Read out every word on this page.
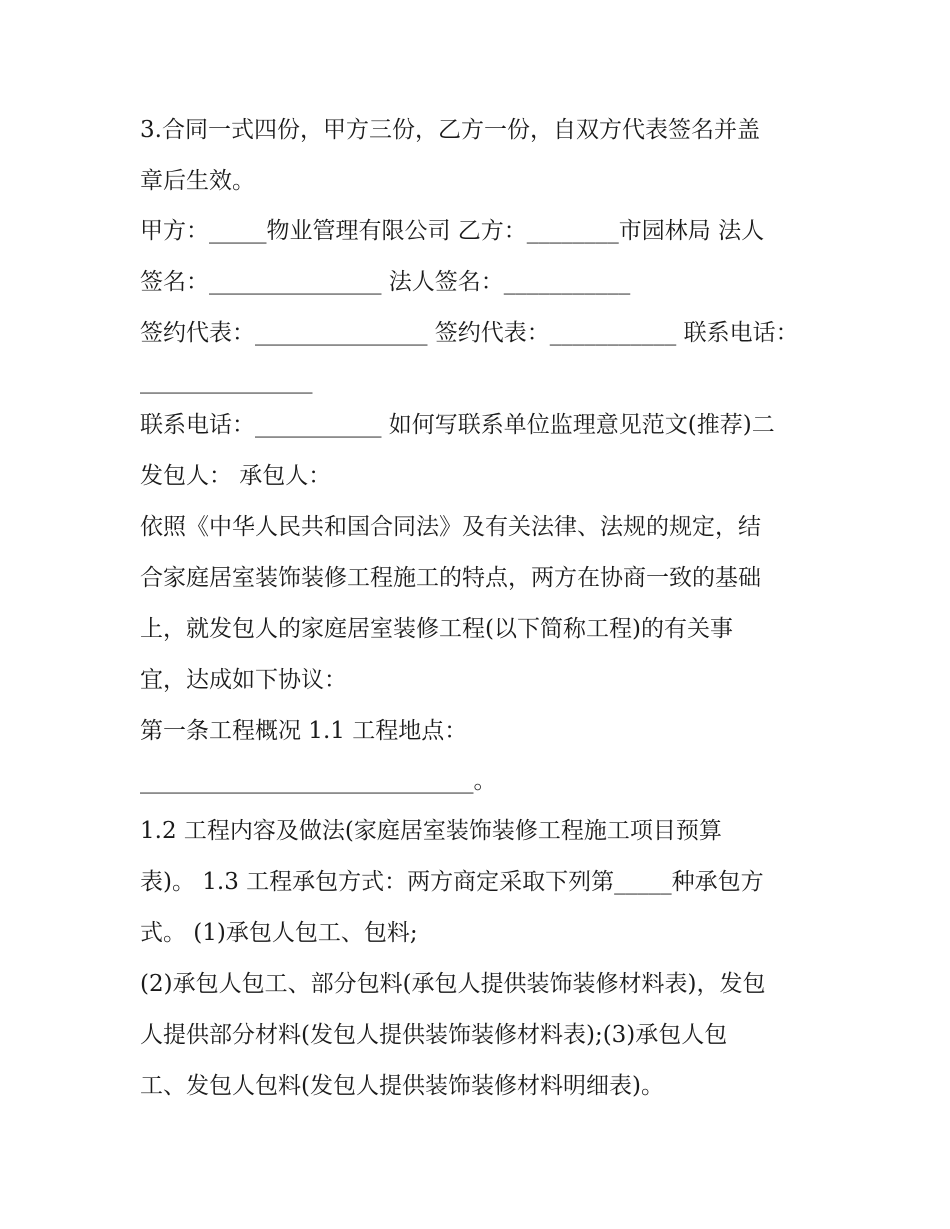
3.合同一式四份，甲方三份，乙方一份，自双方代表签名并盖
章后生效。
甲方：_____物业管理有限公司 乙方：________市园林局 法人
签名：_______________ 法人签名：___________
签约代表：_______________ 签约代表：___________ 联系电话：
_______________
联系电话：___________ 如何写联系单位监理意见范文(推荐)二
发包人： 承包人：
依照《中华人民共和国合同法》及有关法律、法规的规定，结
合家庭居室装饰装修工程施工的特点，两方在协商一致的基础
上，就发包人的家庭居室装修工程(以下简称工程)的有关事
宜，达成如下协议：
第一条工程概况 1.1 工程地点：
_____________________________。
1.2 工程内容及做法(家庭居室装饰装修工程施工项目预算
表)。 1.3 工程承包方式：两方商定采取下列第_____种承包方
式。 (1)承包人包工、包料;
(2)承包人包工、部分包料(承包人提供装饰装修材料表)，发包
人提供部分材料(发包人提供装饰装修材料表);(3)承包人包
工、发包人包料(发包人提供装饰装修材料明细表)。
